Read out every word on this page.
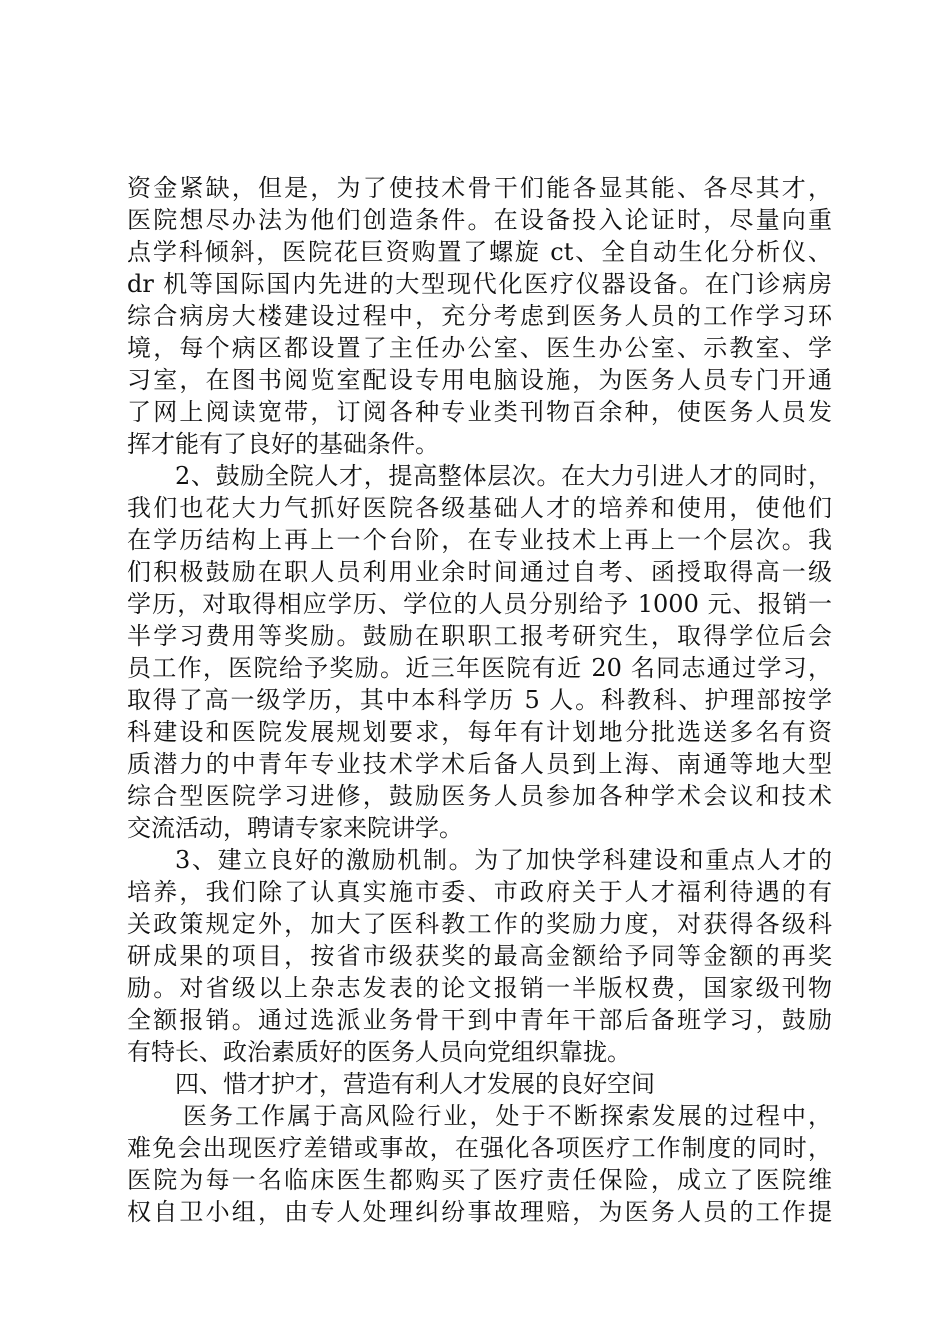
资金紧缺，但是，为了使技术骨干们能各显其能、各尽其才，
医院想尽办法为他们创造条件。在设备投入论证时，尽量向重
点学科倾斜，医院花巨资购置了螺旋 ct、全自动生化分析仪、
dr 机等国际国内先进的大型现代化医疗仪器设备。在门诊病房
综合病房大楼建设过程中，充分考虑到医务人员的工作学习环
境，每个病区都设置了主任办公室、医生办公室、示教室、学
习室，在图书阅览室配设专用电脑设施，为医务人员专门开通
了网上阅读宽带，订阅各种专业类刊物百余种，使医务人员发
挥才能有了良好的基础条件。
2、鼓励全院人才，提高整体层次。在大力引进人才的同时，
我们也花大力气抓好医院各级基础人才的培养和使用，使他们
在学历结构上再上一个台阶，在专业技术上再上一个层次。我
们积极鼓励在职人员利用业余时间通过自考、函授取得高一级
学历，对取得相应学历、学位的人员分别给予 1000 元、报销一
半学习费用等奖励。鼓励在职职工报考研究生，取得学位后会
员工作，医院给予奖励。近三年医院有近 20 名同志通过学习，
取得了高一级学历，其中本科学历 5 人。科教科、护理部按学
科建设和医院发展规划要求，每年有计划地分批选送多名有资
质潜力的中青年专业技术学术后备人员到上海、南通等地大型
综合型医院学习进修，鼓励医务人员参加各种学术会议和技术
交流活动，聘请专家来院讲学。
3、建立良好的激励机制。为了加快学科建设和重点人才的
培养，我们除了认真实施市委、市政府关于人才福利待遇的有
关政策规定外，加大了医科教工作的奖励力度，对获得各级科
研成果的项目，按省市级获奖的最高金额给予同等金额的再奖
励。对省级以上杂志发表的论文报销一半版权费，国家级刊物
全额报销。通过选派业务骨干到中青年干部后备班学习，鼓励
有特长、政治素质好的医务人员向党组织靠拢。
四、惜才护才，营造有利人才发展的良好空间
医务工作属于高风险行业，处于不断探索发展的过程中，
难免会出现医疗差错或事故，在强化各项医疗工作制度的同时，
医院为每一名临床医生都购买了医疗责任保险，成立了医院维
权自卫小组，由专人处理纠纷事故理赔，为医务人员的工作提
